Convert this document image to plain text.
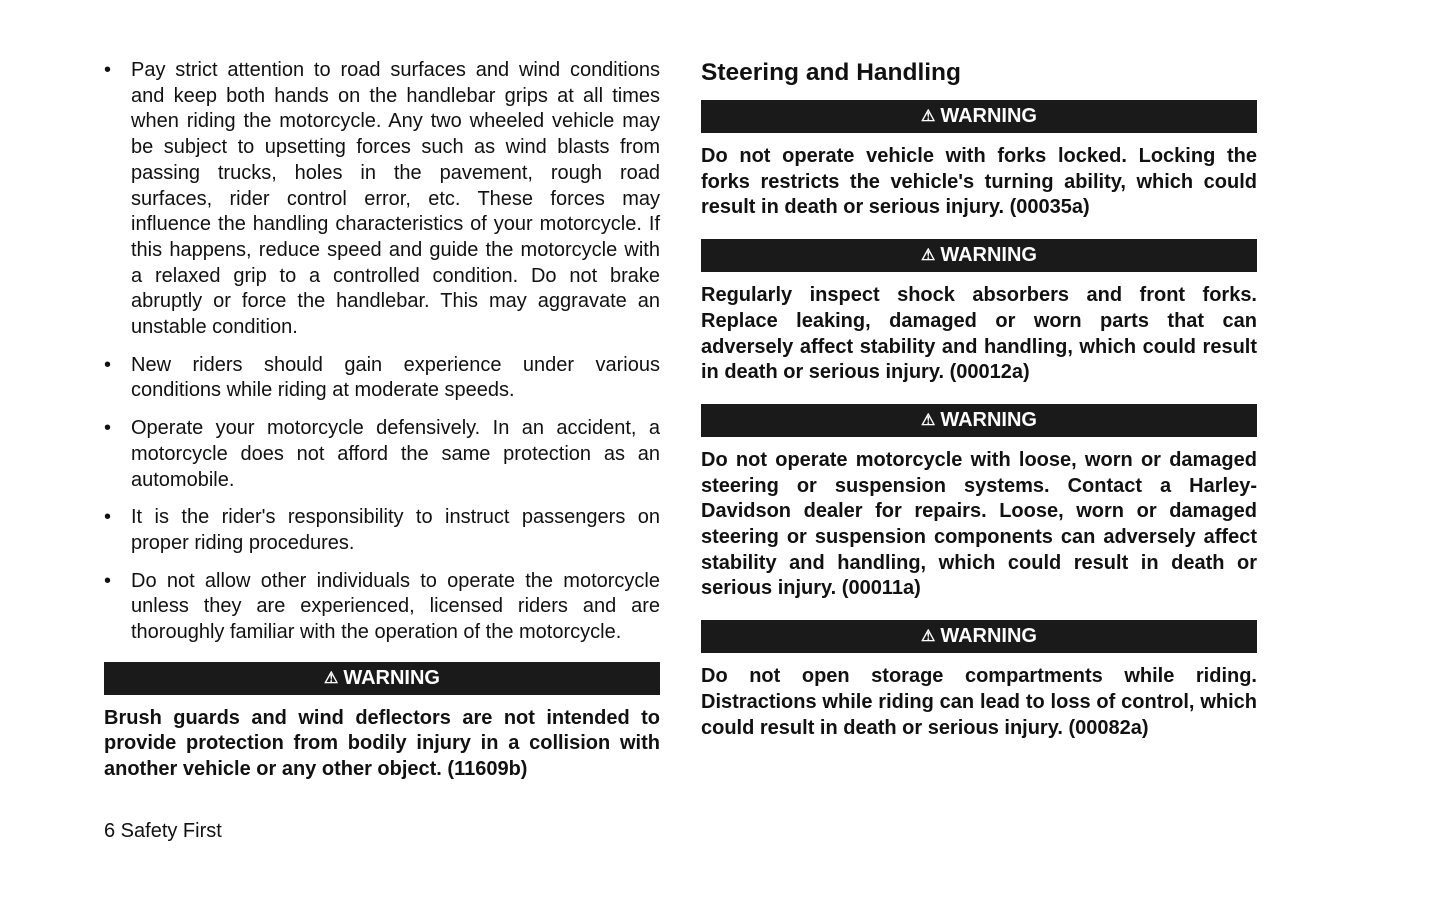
• Pay strict attention to road surfaces and wind conditions and keep both hands on the handlebar grips at all times when riding the motorcycle. Any two wheeled vehicle may be subject to upsetting forces such as wind blasts from passing trucks, holes in the pavement, rough road surfaces, rider control error, etc. These forces may influence the handling characteristics of your motorcycle. If this happens, reduce speed and guide the motorcycle with a relaxed grip to a controlled condition. Do not brake abruptly or force the handlebar. This may aggravate an unstable condition.
• New riders should gain experience under various conditions while riding at moderate speeds.
• Operate your motorcycle defensively. In an accident, a motorcycle does not afford the same protection as an automobile.
• It is the rider's responsibility to instruct passengers on proper riding procedures.
• Do not allow other individuals to operate the motorcycle unless they are experienced, licensed riders and are thoroughly familiar with the operation of the motorcycle.
⚠ WARNING

Brush guards and wind deflectors are not intended to provide protection from bodily injury in a collision with another vehicle or any other object. (11609b)

Steering and Handling
⚠ WARNING

Do not operate vehicle with forks locked. Locking the forks restricts the vehicle's turning ability, which could result in death or serious injury. (00035a)

⚠ WARNING

Regularly inspect shock absorbers and front forks. Replace leaking, damaged or worn parts that can adversely affect stability and handling, which could result in death or serious injury. (00012a)

⚠ WARNING

Do not operate motorcycle with loose, worn or damaged steering or suspension systems. Contact a Harley-Davidson dealer for repairs. Loose, worn or damaged steering or suspension components can adversely affect stability and handling, which could result in death or serious injury. (00011a)

⚠ WARNING

Do not open storage compartments while riding. Distractions while riding can lead to loss of control, which could result in death or serious injury. (00082a)

6 Safety First
